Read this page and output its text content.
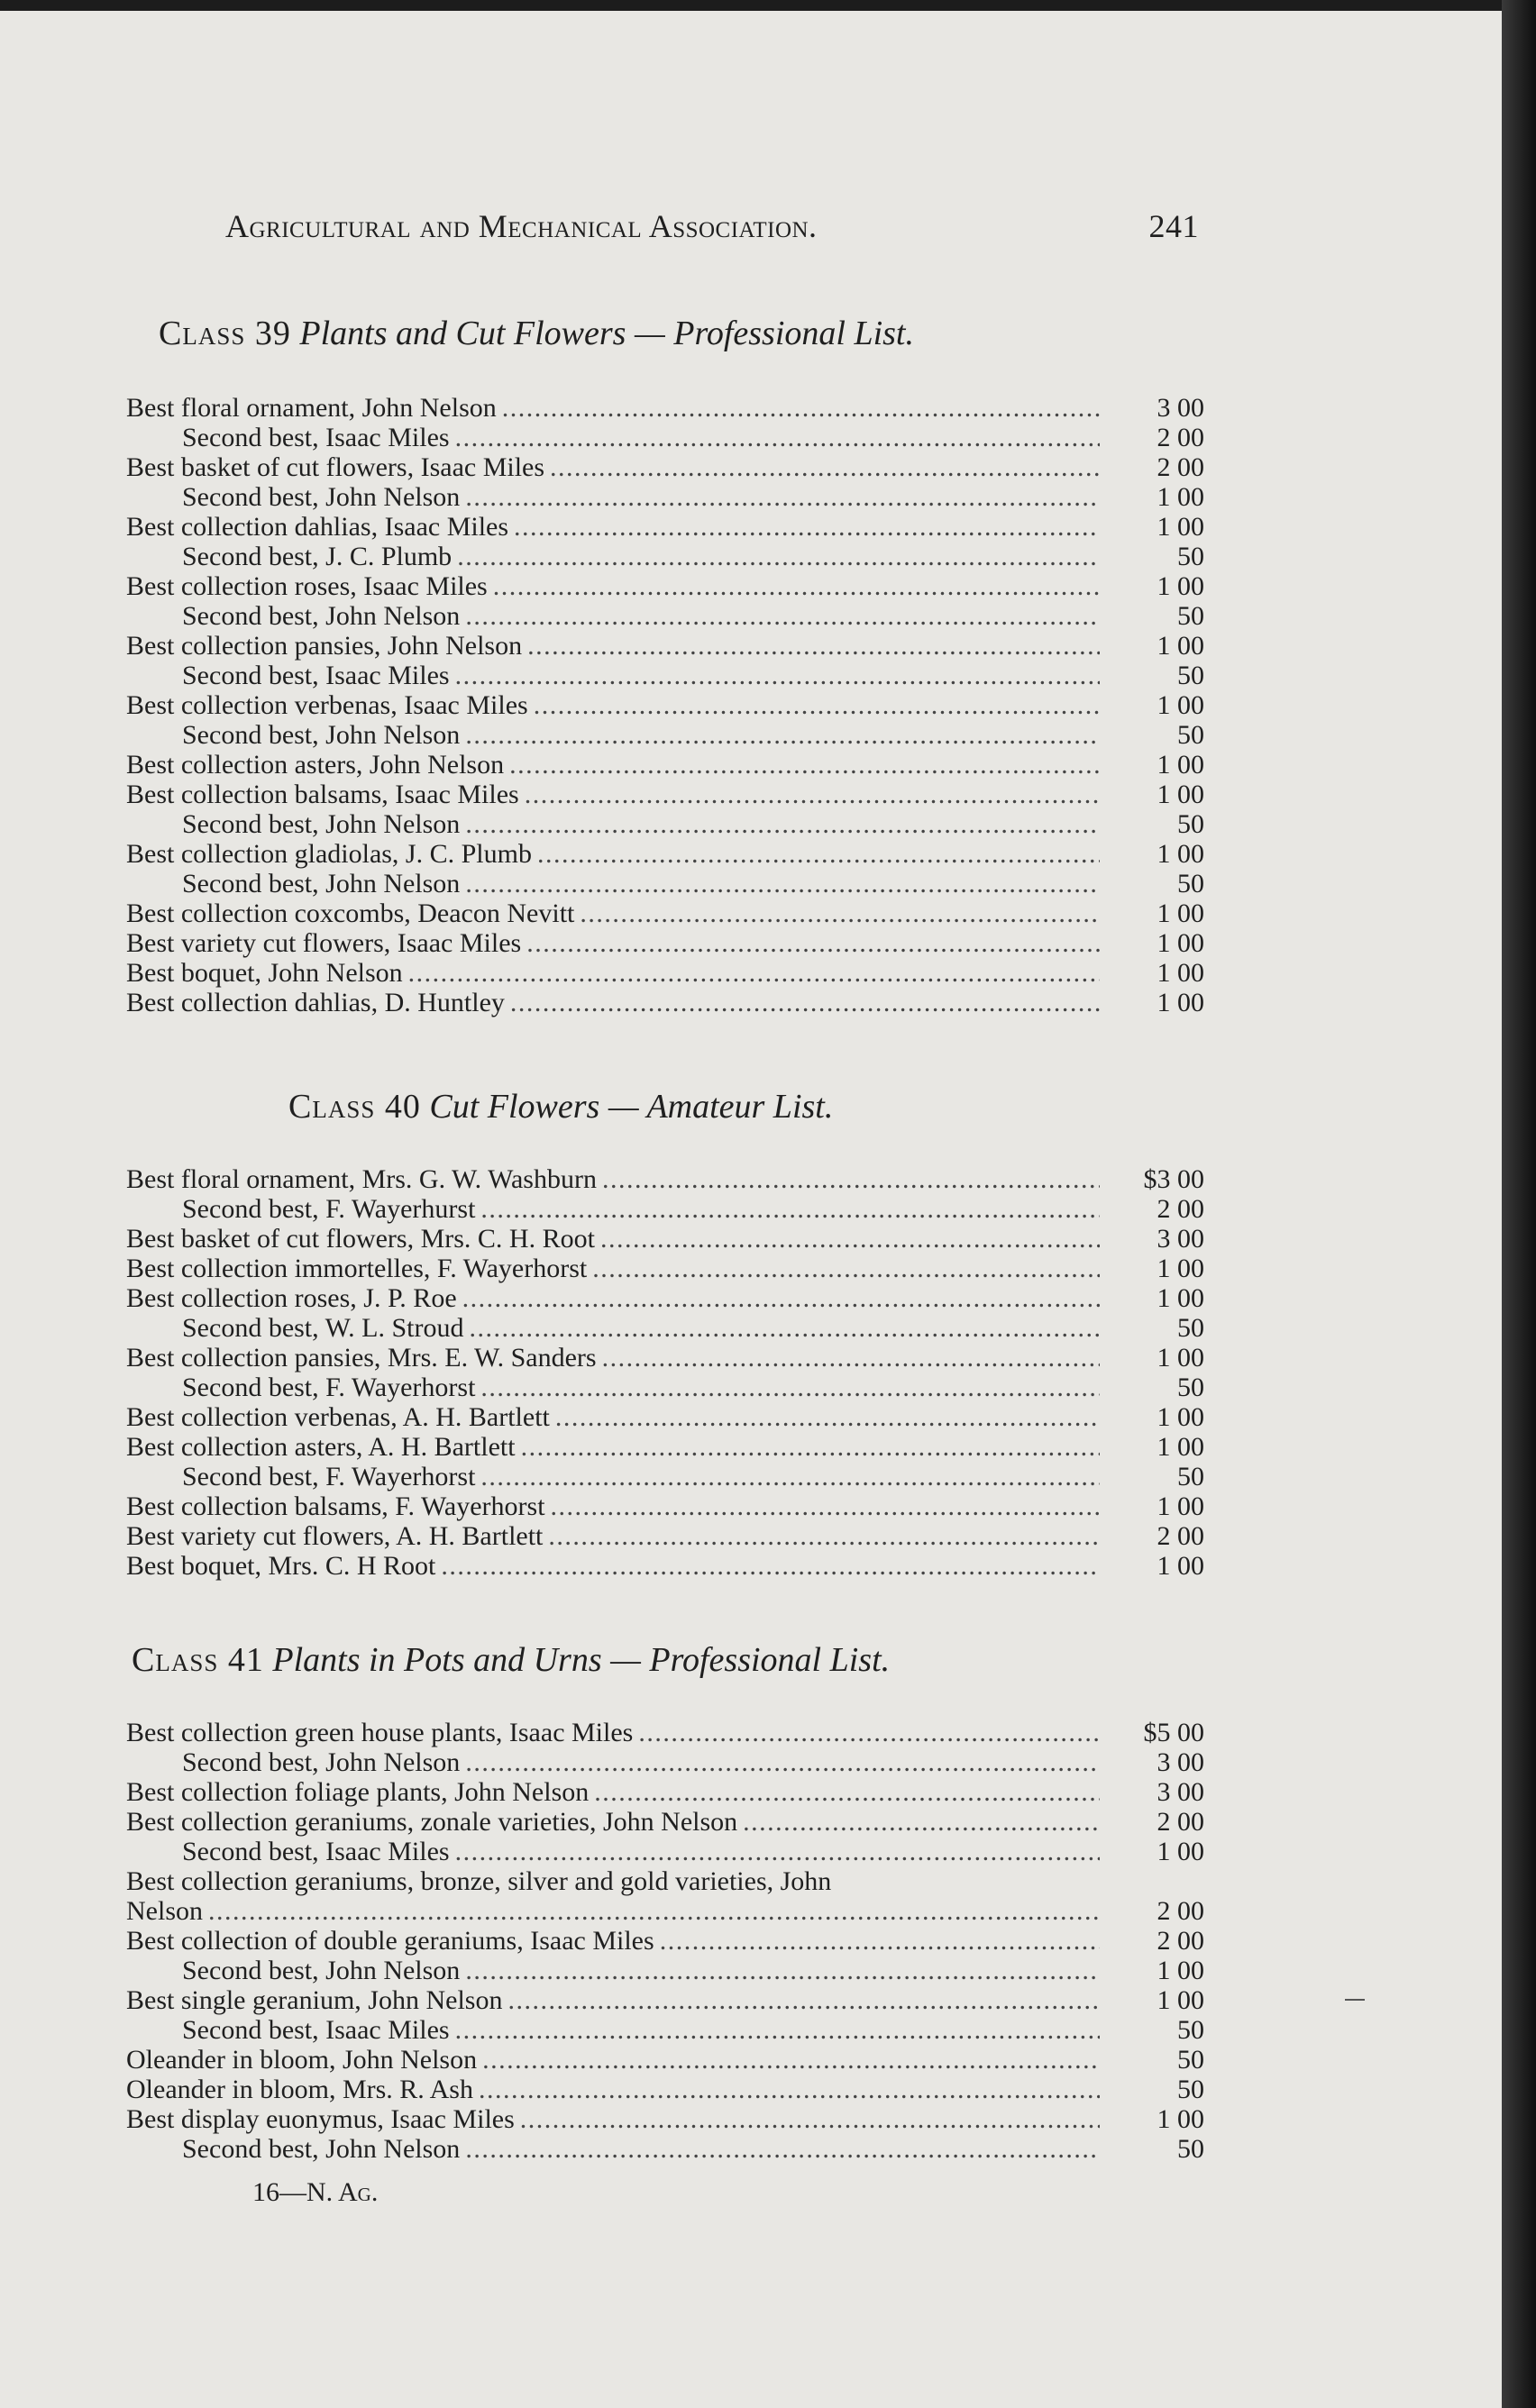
Agricultural and Mechanical Association.	241
Class 39 Plants and Cut Flowers — Professional List.
Best floral ornament, John Nelson . . .	3 00
Second best, Isaac Miles . . .	2 00
Best basket of cut flowers, Isaac Miles . . .	2 00
Second best, John Nelson . . .	1 00
Best collection dahlias, Isaac Miles . . .	1 00
Second best, J. C. Plumb . . .	50
Best collection roses, Isaac Miles . . .	1 00
Second best, John Nelson . . .	50
Best collection pansies, John Nelson . . .	1 00
Second best, Isaac Miles . . .	50
Best collection verbenas, Isaac Miles . . .	1 00
Second best, John Nelson . . .	50
Best collection asters, John Nelson . . .	1 00
Best collection balsams, Isaac Miles . . .	1 00
Second best, John Nelson . . .	50
Best collection gladiolas, J. C. Plumb . . .	1 00
Second best, John Nelson . . .	50
Best collection coxcombs, Deacon Nevitt . . .	1 00
Best variety cut flowers, Isaac Miles . . .	1 00
Best boquet, John Nelson . . .	1 00
Best collection dahlias, D. Huntley . . .	1 00
Class 40 Cut Flowers — Amateur List.
Best floral ornament, Mrs. G. W. Washburn . . .	$3 00
Second best, F. Wayerhurst . . .	2 00
Best basket of cut flowers, Mrs. C. H. Root . . .	3 00
Best collection immortelles, F. Wayerhorst . . .	1 00
Best collection roses, J. P. Roe . . .	1 00
Second best, W. L. Stroud . . .	50
Best collection pansies, Mrs. E. W. Sanders . . .	1 00
Second best, F. Wayerhorst . . .	50
Best collection verbenas, A. H. Bartlett . . .	1 00
Best collection asters, A. H. Bartlett . . .	1 00
Second best, F. Wayerhorst . . .	50
Best collection balsams, F. Wayerhorst . . .	1 00
Best variety cut flowers, A. H. Bartlett . . .	2 00
Best boquet, Mrs. C. H Root . . .	1 00
Class 41 Plants in Pots and Urns — Professional List.
Best collection green house plants, Isaac Miles . . .	$5 00
Second best, John Nelson . . .	3 00
Best collection foliage plants, John Nelson . . .	3 00
Best collection geraniums, zonale varieties, John Nelson . . .	2 00
Second best, Isaac Miles . . .	1 00
Best collection geraniums, bronze, silver and gold varieties, John
Nelson . . .	2 00
Best collection of double geraniums, Isaac Miles . . .	2 00
Second best, John Nelson . . .	1 00
Best single geranium, John Nelson . . .	1 00
Second best, Isaac Miles . . .	50
Oleander in bloom, John Nelson . . .	50
Oleander in bloom, Mrs. R. Ash . . .	50
Best display euonymus, Isaac Miles . . .	1 00
Second best, John Nelson . . .	50
16—N. Ag.
